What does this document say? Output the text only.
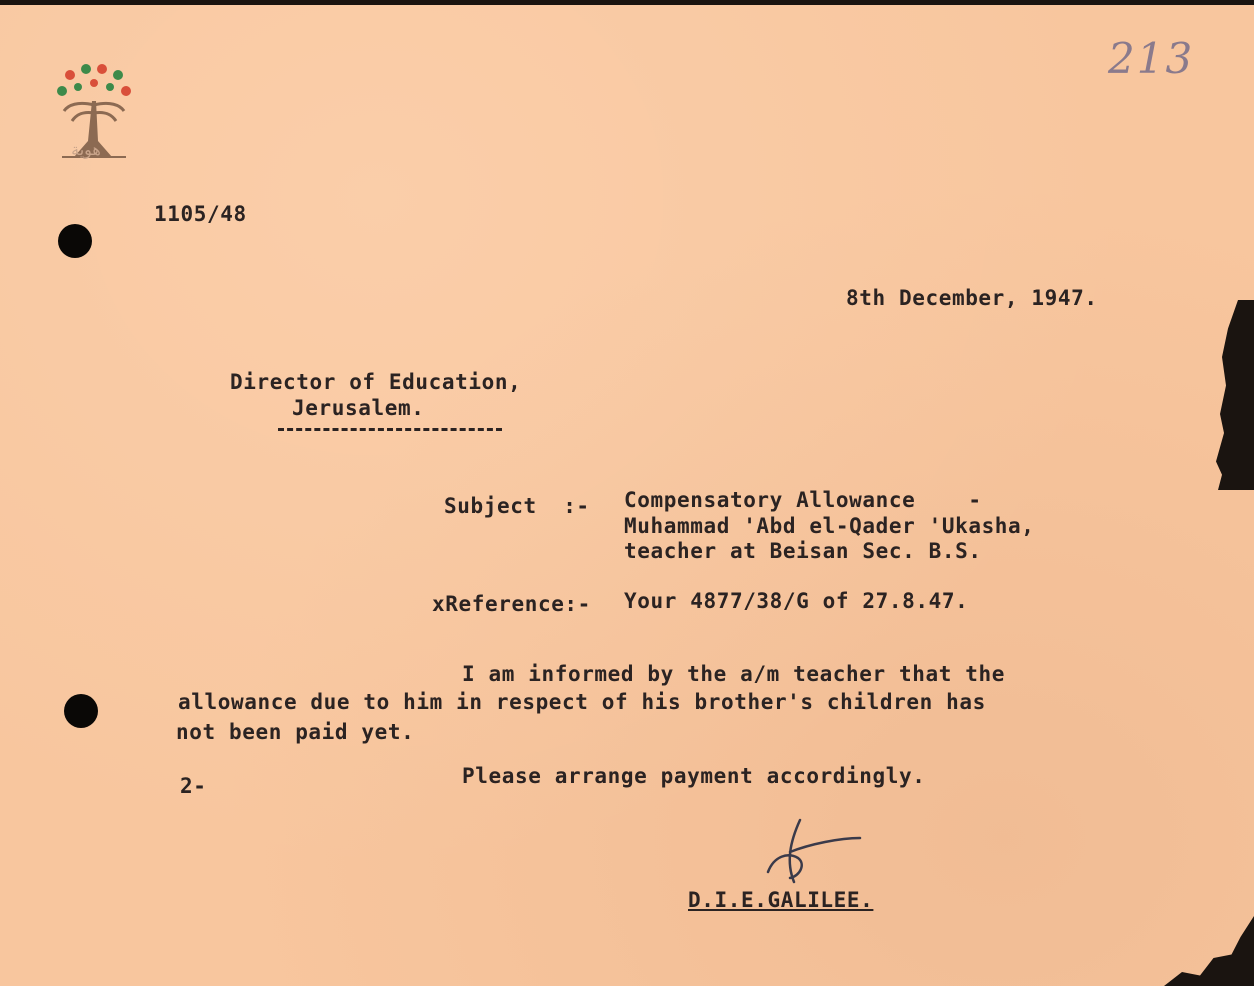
هوية
213
1105/48
8th December, 1947.
Director of Education,
Jerusalem.
Subject  :- Compensatory Allowance    -
Muhammad 'Abd el-Qader 'Ukasha,
teacher at Beisan Sec. B.S.
xReference:- Your 4877/38/G of 27.8.47.
I am informed by the a/m teacher that the
allowance due to him in respect of his brother's children has
not been paid yet.
2-	Please arrange payment accordingly.
D.I.E.GALILEE.
